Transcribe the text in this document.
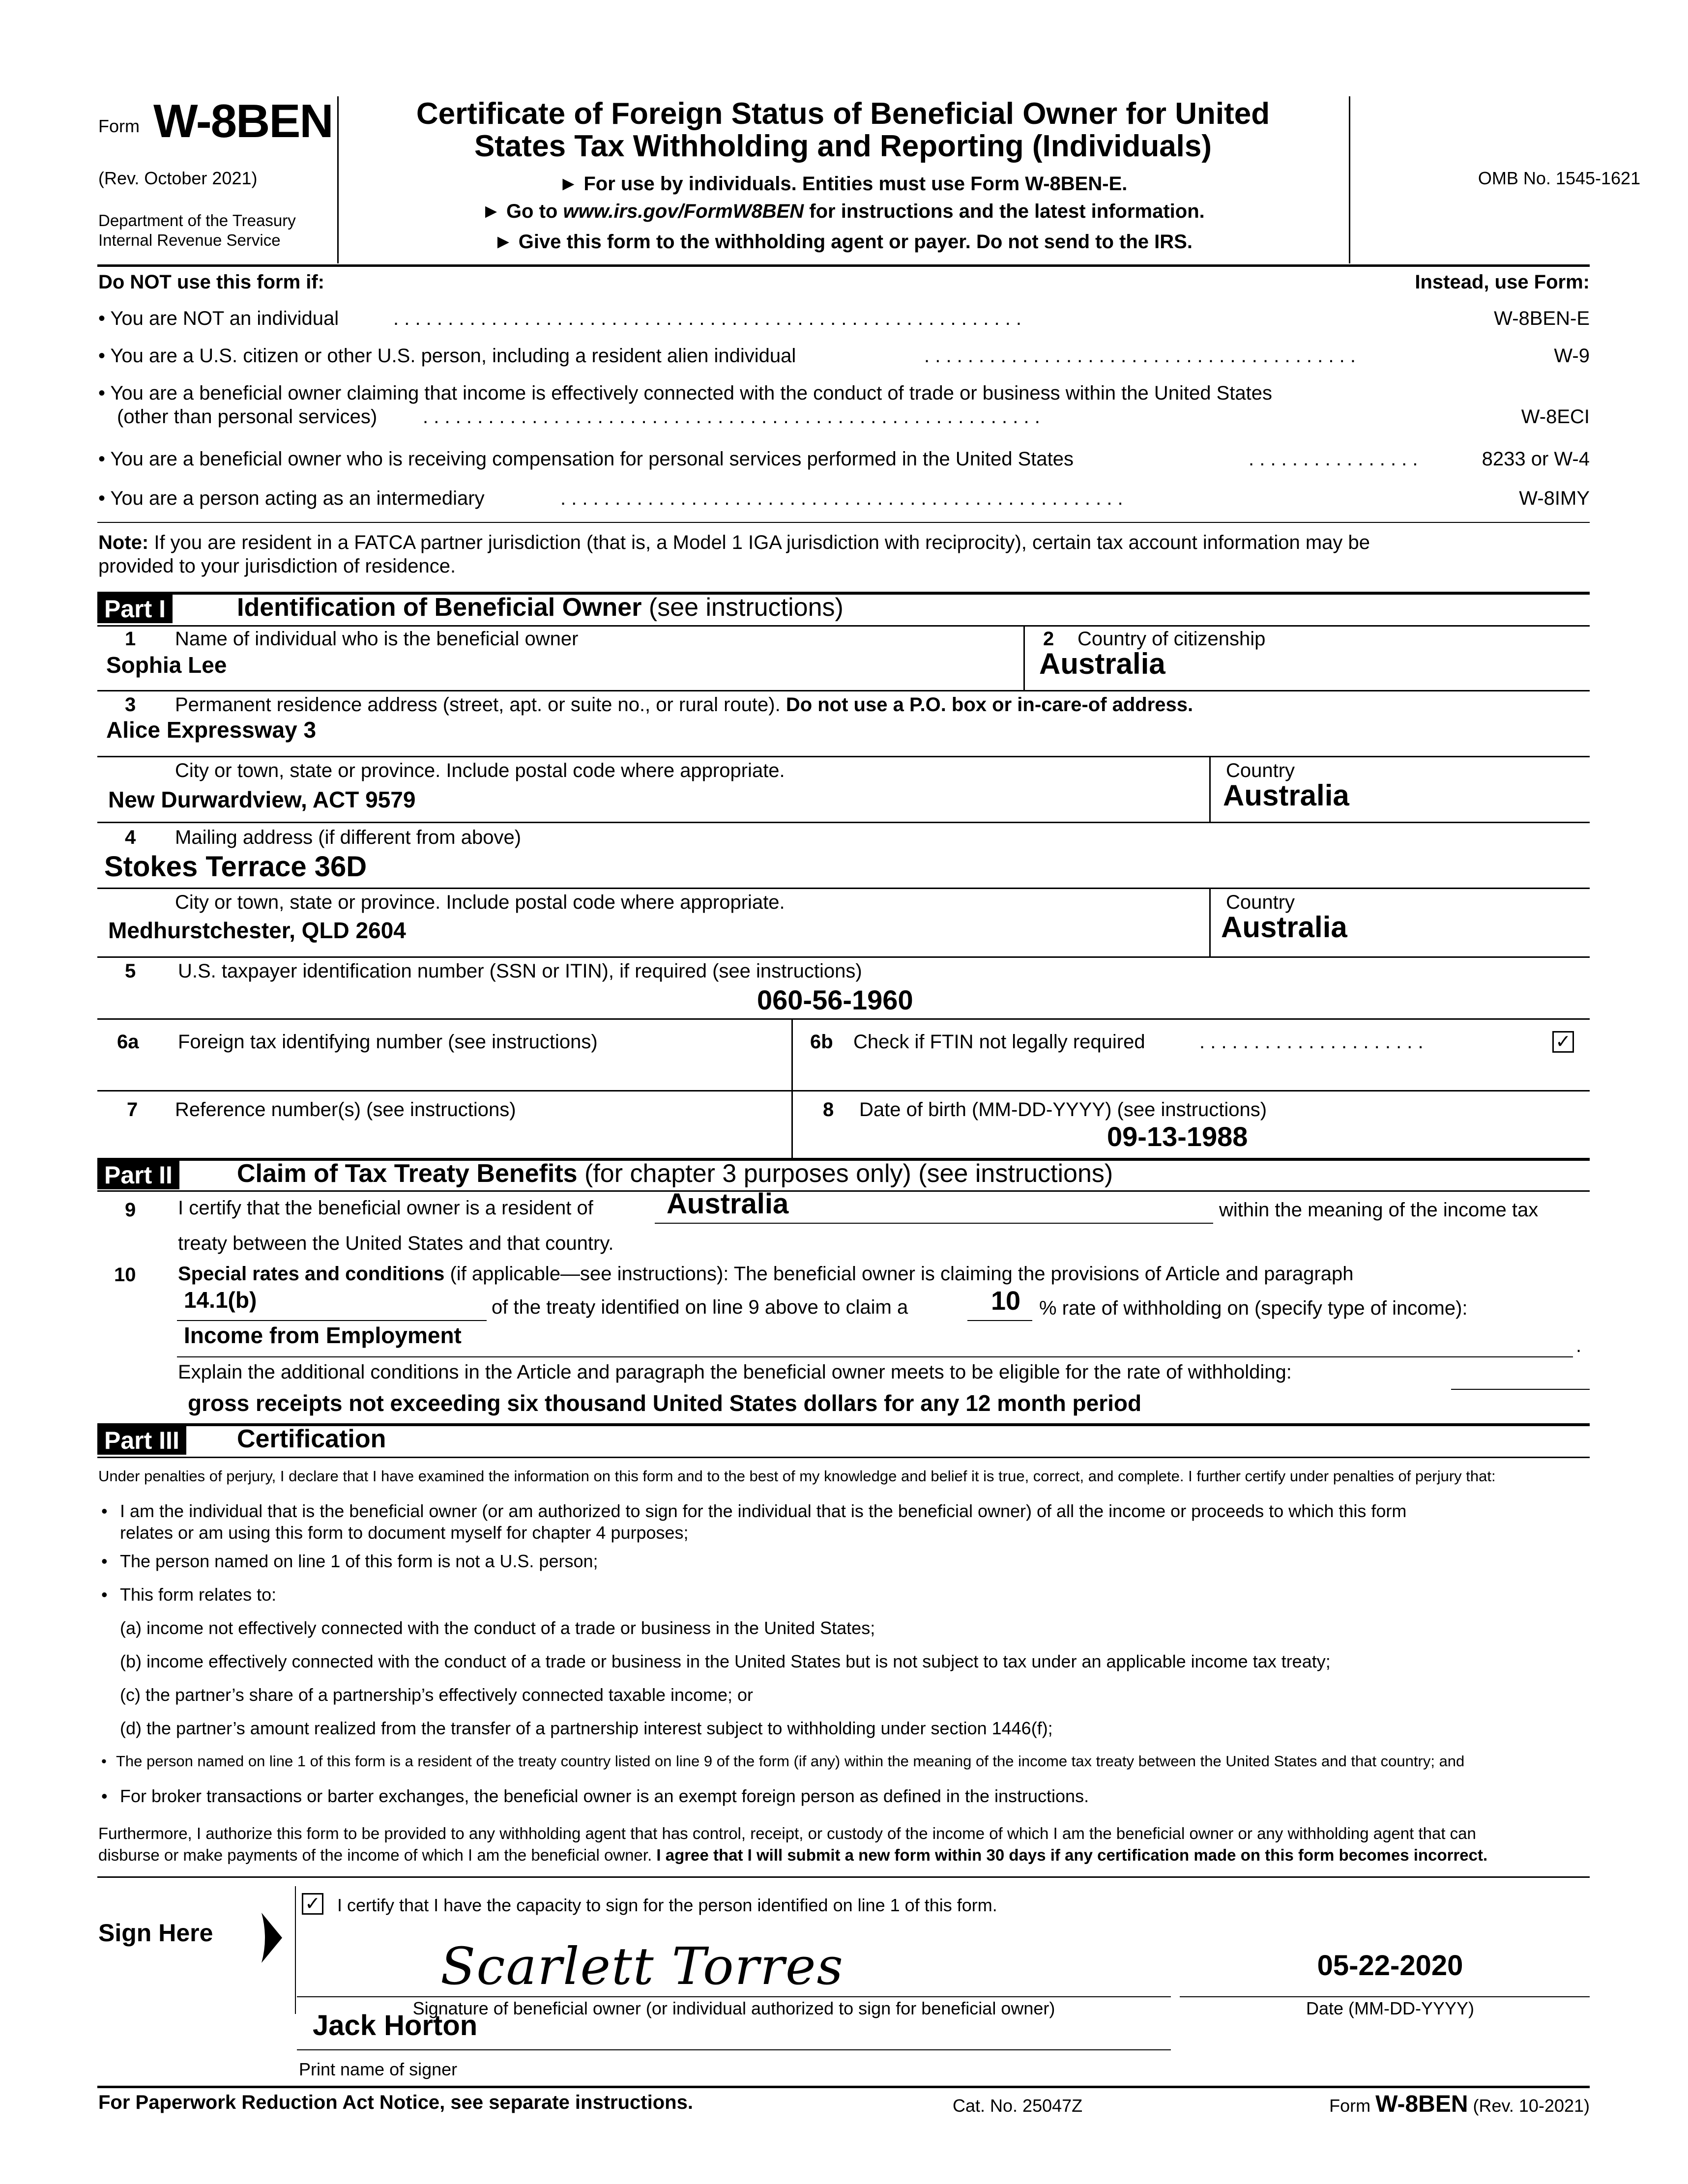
Form W-8BEN
(Rev. October 2021)
Department of the Treasury
Internal Revenue Service
Certificate of Foreign Status of Beneficial Owner for United
States Tax Withholding and Reporting (Individuals)
► For use by individuals. Entities must use Form W-8BEN-E.
► Go to www.irs.gov/FormW8BEN for instructions and the latest information.
► Give this form to the withholding agent or payer. Do not send to the IRS.
OMB No. 1545-1621
Do NOT use this form if:	Instead, use Form:
• You are NOT an individual	. . . . . . . . . . . . . . . . . . . . . . . . . . . . . . . . . . . . . . . . . . . . . . . . . . . . . . . . . .	W-8BEN-E
• You are a U.S. citizen or other U.S. person, including a resident alien individual	. . . . . . . . . . . . . . . . . . . . . . . . . . . . . . . . . . . . . . . .	W-9
• You are a beneficial owner claiming that income is effectively connected with the conduct of trade or business within the United States
(other than personal services) . . . . . . . . . . . . . . . . . . . . . . . . . . . . . . . . . . . . . . . . . . . . . . . . . . . . . . . . .	W-8ECI
• You are a beneficial owner who is receiving compensation for personal services performed in the United States	. . . . . . . . . . . . . . . .	8233 or W-4
• You are a person acting as an intermediary	. . . . . . . . . . . . . . . . . . . . . . . . . . . . . . . . . . . . . . . . . . . . . . . . . . . .	W-8IMY
Note: If you are resident in a FATCA partner jurisdiction (that is, a Model 1 IGA jurisdiction with reciprocity), certain tax account information may be
provided to your jurisdiction of residence.
Part I	Identification of Beneficial Owner (see instructions)
1 Name of individual who is the beneficial owner
Sophia Lee
2 Country of citizenship
Australia
3 Permanent residence address (street, apt. or suite no., or rural route). Do not use a P.O. box or in-care-of address.
Alice Expressway 3
City or town, state or province. Include postal code where appropriate.
New Durwardview, ACT 9579
Country
Australia
4 Mailing address (if different from above)
Stokes Terrace 36D
City or town, state or province. Include postal code where appropriate.
Medhurstchester, QLD 2604
Country
Australia
5 U.S. taxpayer identification number (SSN or ITIN), if required (see instructions)
060-56-1960
6a Foreign tax identifying number (see instructions)	6b Check if FTIN not legally required	. . . . . . . . . . . . . . . . . . . . .	✓
7 Reference number(s) (see instructions)	8 Date of birth (MM-DD-YYYY) (see instructions)
09-13-1988
Part II	Claim of Tax Treaty Benefits (for chapter 3 purposes only) (see instructions)
9 I certify that the beneficial owner is a resident of	Australia	within the meaning of the income tax
treaty between the United States and that country.
10 Special rates and conditions (if applicable—see instructions): The beneficial owner is claiming the provisions of Article and paragraph
14.1(b)	of the treaty identified on line 9 above to claim a	10 % rate of withholding on (specify type of income):
Income from Employment	.
Explain the additional conditions in the Article and paragraph the beneficial owner meets to be eligible for the rate of withholding:
gross receipts not exceeding six thousand United States dollars for any 12 month period
Part III Certification
Under penalties of perjury, I declare that I have examined the information on this form and to the best of my knowledge and belief it is true, correct, and complete. I further certify under penalties of perjury that:
• I am the individual that is the beneficial owner (or am authorized to sign for the individual that is the beneficial owner) of all the income or proceeds to which this form
relates or am using this form to document myself for chapter 4 purposes;
• The person named on line 1 of this form is not a U.S. person;
• This form relates to:
(a) income not effectively connected with the conduct of a trade or business in the United States;
(b) income effectively connected with the conduct of a trade or business in the United States but is not subject to tax under an applicable income tax treaty;
(c) the partner’s share of a partnership’s effectively connected taxable income; or
(d) the partner’s amount realized from the transfer of a partnership interest subject to withholding under section 1446(f);
• The person named on line 1 of this form is a resident of the treaty country listed on line 9 of the form (if any) within the meaning of the income tax treaty between the United States and that country; and
• For broker transactions or barter exchanges, the beneficial owner is an exempt foreign person as defined in the instructions.
Furthermore, I authorize this form to be provided to any withholding agent that has control, receipt, or custody of the income of which I am the beneficial owner or any withholding agent that can
disburse or make payments of the income of which I am the beneficial owner. I agree that I will submit a new form within 30 days if any certification made on this form becomes incorrect.
Sign Here
✓ I certify that I have the capacity to sign for the person identified on line 1 of this form.
Scarlett Torres
Signature of beneficial owner (or individual authorized to sign for beneficial owner)
05-22-2020
Date (MM-DD-YYYY)
Jack Horton
Print name of signer
For Paperwork Reduction Act Notice, see separate instructions.	Cat. No. 25047Z	Form W-8BEN (Rev. 10-2021)
